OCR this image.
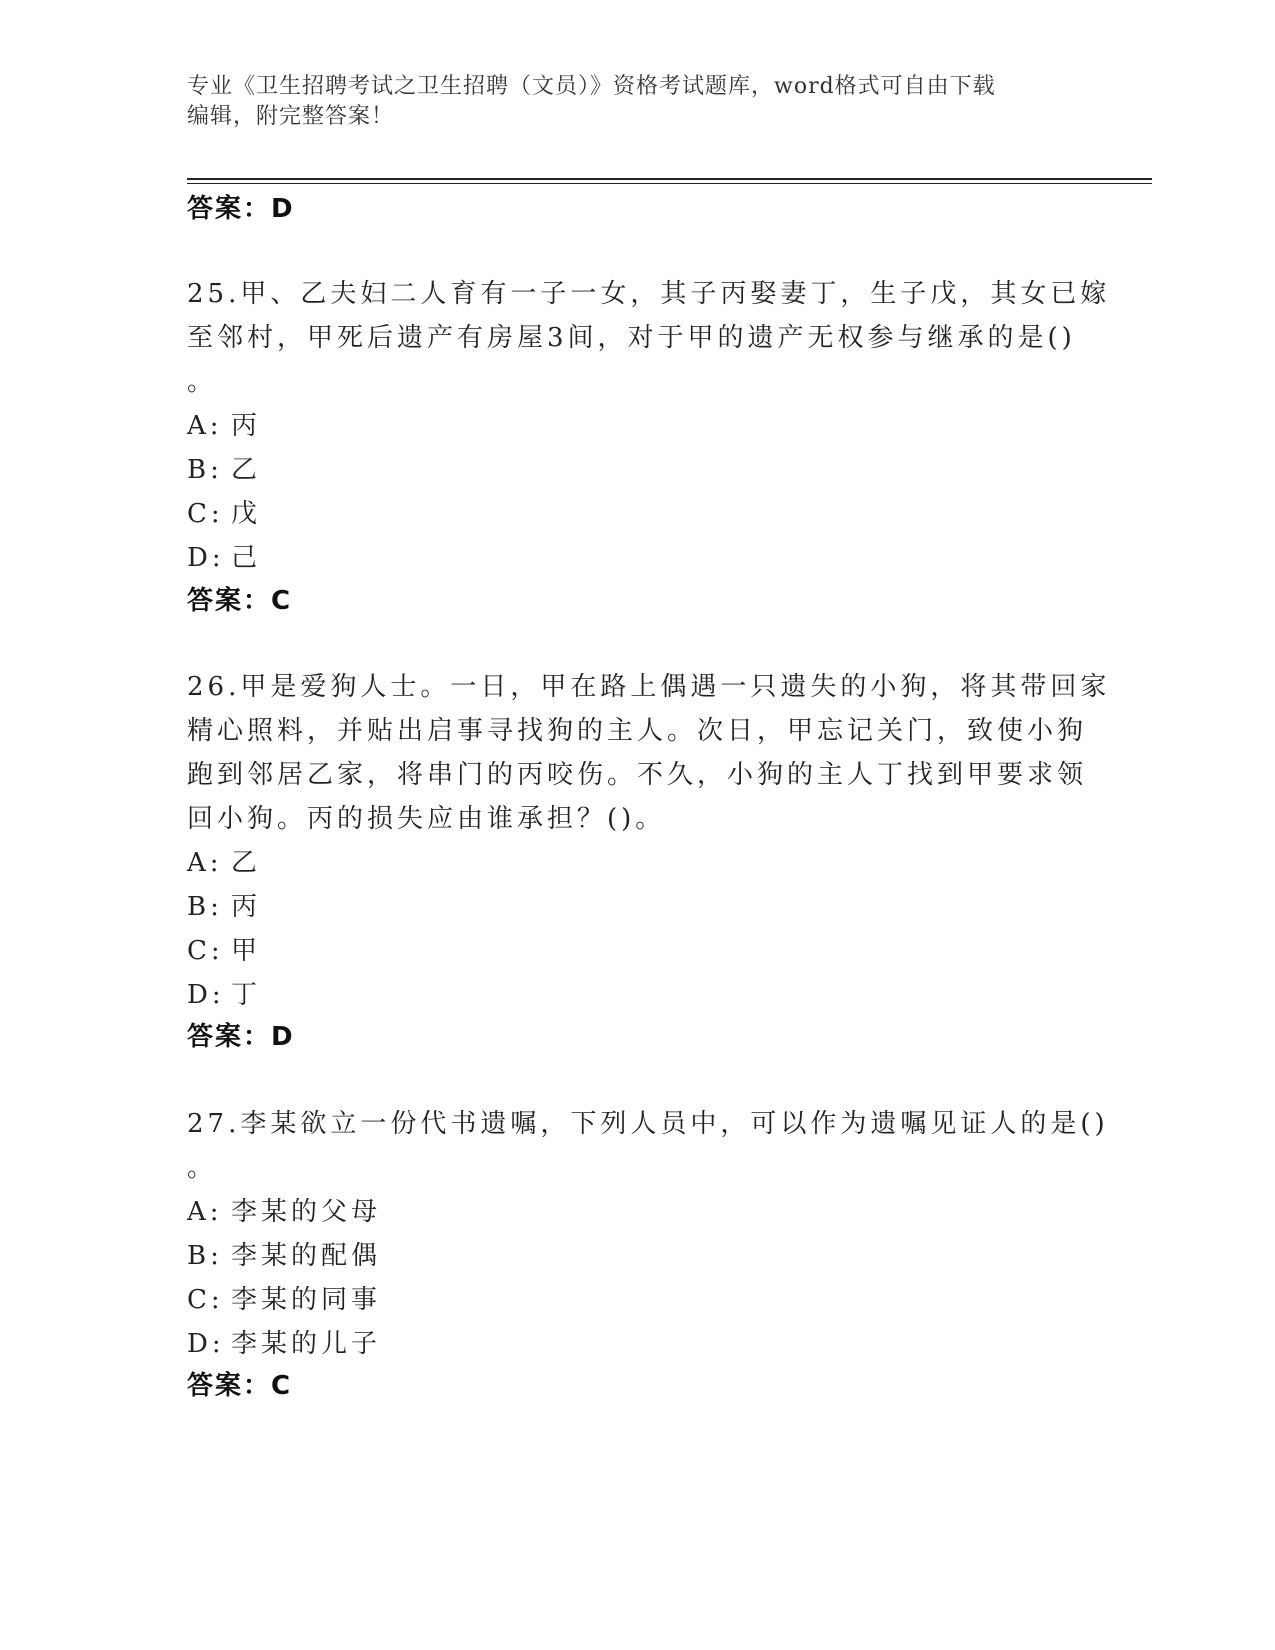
专业《卫生招聘考试之卫生招聘（文员）》资格考试题库，word格式可自由下载
编辑，附完整答案！
答案：D
25.甲、乙夫妇二人育有一子一女，其子丙娶妻丁，生子戊，其女已嫁
至邻村，甲死后遗产有房屋3间，对于甲的遗产无权参与继承的是()
。
A: 丙
B: 乙
C: 戊
D: 己
答案：C
26.甲是爱狗人士。一日，甲在路上偶遇一只遗失的小狗，将其带回家
精心照料，并贴出启事寻找狗的主人。次日，甲忘记关门，致使小狗
跑到邻居乙家，将串门的丙咬伤。不久，小狗的主人丁找到甲要求领
回小狗。丙的损失应由谁承担？()。
A: 乙
B: 丙
C: 甲
D: 丁
答案：D
27.李某欲立一份代书遗嘱，下列人员中，可以作为遗嘱见证人的是()
。
A: 李某的父母
B: 李某的配偶
C: 李某的同事
D: 李某的儿子
答案：C
